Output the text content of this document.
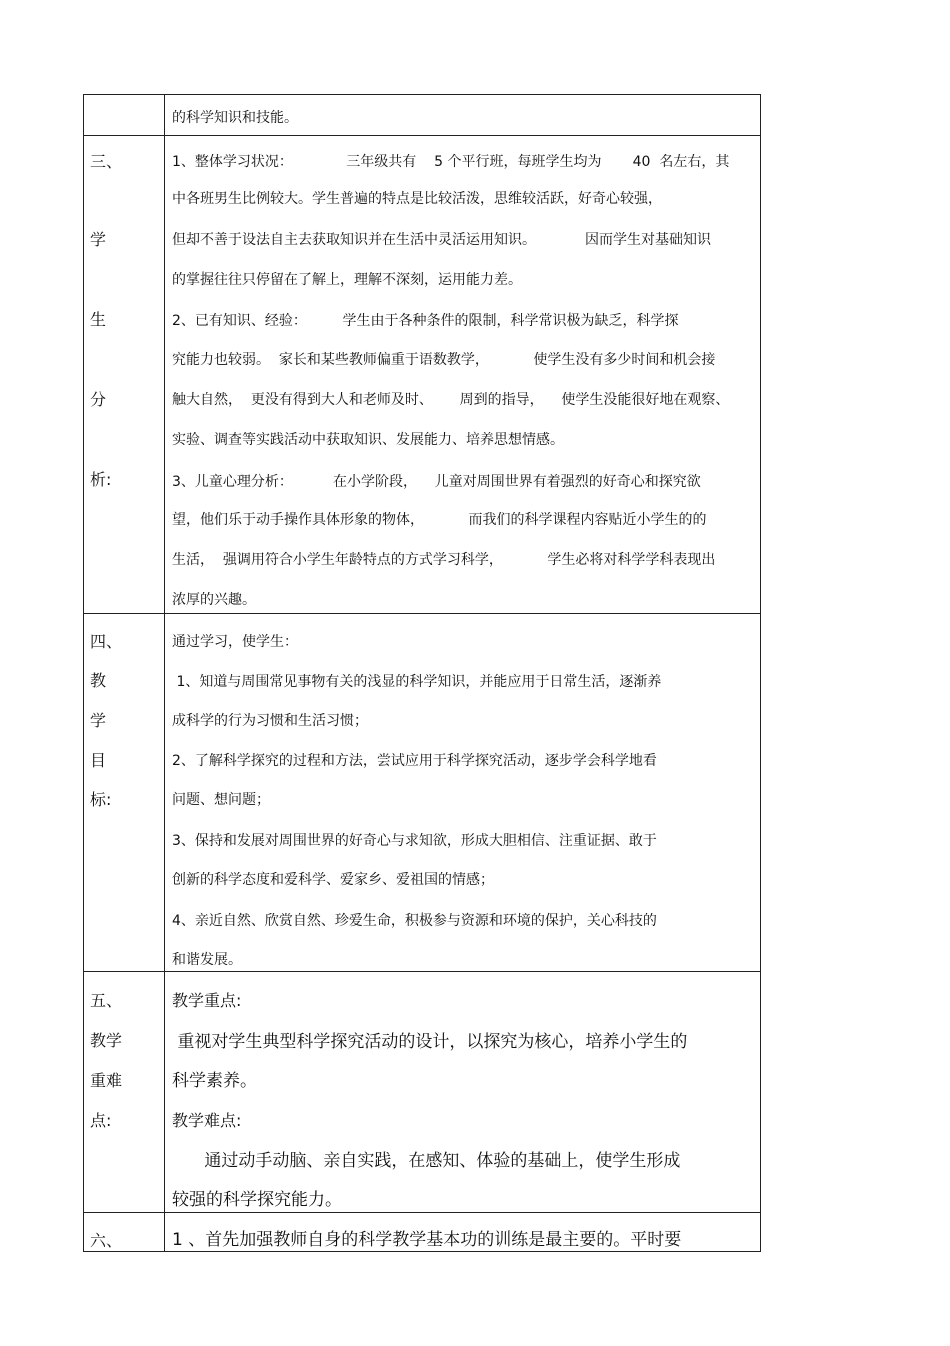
的科学知识和技能。
三、
学
生
分
析:
1、整体学习状况：            三年级共有    5 个平行班，每班学生均为       40  名左右，其
中各班男生比例较大。学生普遍的特点是比较活泼，思维较活跃，好奇心较强，
但却不善于设法自主去获取知识并在生活中灵活运用知识。           因而学生对基础知识
的掌握往往只停留在了解上，理解不深刻，运用能力差。
2、已有知识、经验：        学生由于各种条件的限制，科学常识极为缺乏，科学探
究能力也较弱。  家长和某些教师偏重于语数教学，          使学生没有多少时间和机会接
触大自然，  更没有得到大人和老师及时、      周到的指导，    使学生没能很好地在观察、
实验、调查等实践活动中获取知识、发展能力、培养思想情感。
3、儿童心理分析：         在小学阶段，    儿童对周围世界有着强烈的好奇心和探究欲
望，他们乐于动手操作具体形象的物体，          而我们的科学课程内容贴近小学生的的
生活，  强调用符合小学生年龄特点的方式学习科学，          学生必将对科学学科表现出
浓厚的兴趣。
四、
教
学
目
标:
通过学习，使学生：
1、知道与周围常见事物有关的浅显的科学知识，并能应用于日常生活，逐渐养
成科学的行为习惯和生活习惯；
2、了解科学探究的过程和方法，尝试应用于科学探究活动，逐步学会科学地看
问题、想问题；
3、保持和发展对周围世界的好奇心与求知欲，形成大胆相信、注重证据、敢于
创新的科学态度和爱科学、爱家乡、爱祖国的情感；
4、亲近自然、欣赏自然、珍爱生命，积极参与资源和环境的保护，关心科技的
和谐发展。
五、
教学
重难
点:
教学重点:
重视对学生典型科学探究活动的设计，以探究为核心，培养小学生的
科学素养。
教学难点:
通过动手动脑、亲自实践，在感知、体验的基础上，使学生形成
较强的科学探究能力。
六、	1 、首先加强教师自身的科学教学基本功的训练是最主要的。平时要
